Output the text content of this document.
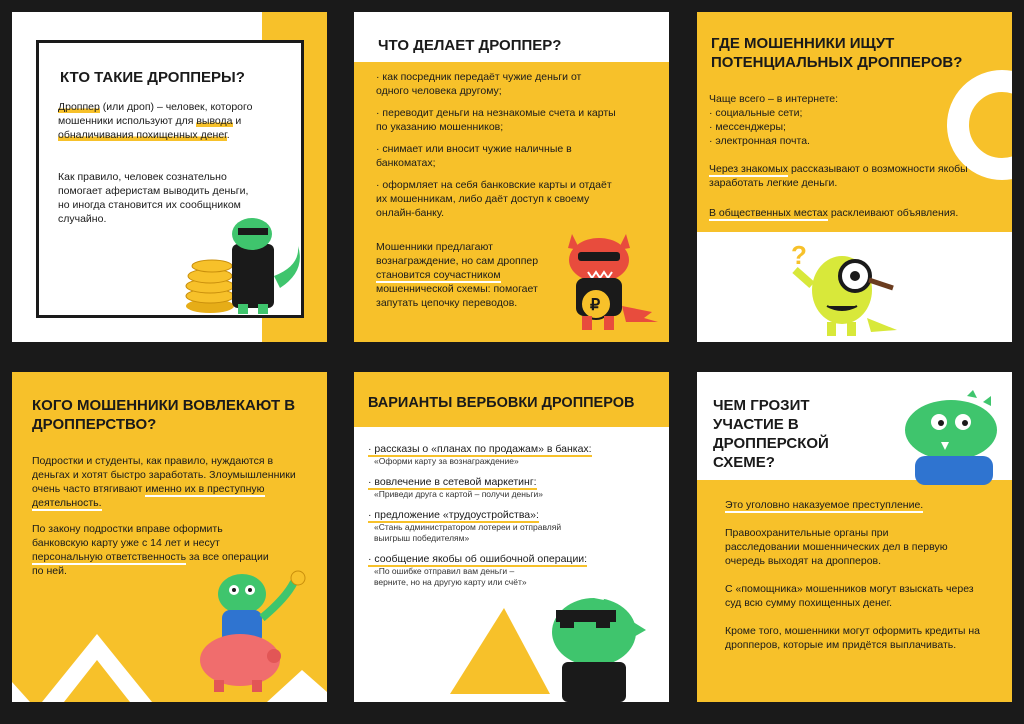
КТО ТАКИЕ ДРОППЕРЫ?
Дроппер (или дроп) – человек, которого мошенники используют для вывода и обналичивания похищенных денег.
Как правило, человек сознательно помогает аферистам выводить деньги, но иногда становится их сообщником случайно.
ЧТО ДЕЛАЕТ ДРОППЕР?
· как посредник передаёт чужие деньги от одного человека другому;
· переводит деньги на незнакомые счета и карты по указанию мошенников;
· снимает или вносит чужие наличные в банкоматах;
· оформляет на себя банковские карты и отдаёт их мошенникам, либо даёт доступ к своему онлайн-банку.
Мошенники предлагают вознаграждение, но сам дроппер становится соучастником мошеннической схемы: помогает запутать цепочку переводов.	₽
ГДЕ МОШЕННИКИ ИЩУТ ПОТЕНЦИАЛЬНЫХ ДРОППЕРОВ?
Чаще всего – в интернете:
· социальные сети;
· мессенджеры;
· электронная почта.
Через знакомых рассказывают о возможности якобы заработать легкие деньги.
В общественных местах расклеивают объявления.
?
КОГО МОШЕННИКИ ВОВЛЕКАЮТ В ДРОППЕРСТВО?
Подростки и студенты, как правило, нуждаются в деньгах и хотят быстро заработать. Злоумышленники очень часто втягивают именно их в преступную деятельность.
По закону подростки вправе оформить банковскую карту уже с 14 лет и несут персональную ответственность за все операции по ней.
ВАРИАНТЫ ВЕРБОВКИ ДРОППЕРОВ
· рассказы о «планах по продажам» в банках:
«Оформи карту за вознаграждение»
· вовлечение в сетевой маркетинг:
«Приведи друга с картой – получи деньги»
· предложение «трудоустройства»:
«Стань администратором лотереи и отправляй выигрыш победителям»
· сообщение якобы об ошибочной операции:
«По ошибке отправил вам деньги – верните, но на другую карту или счёт»
ЧЕМ ГРОЗИТ УЧАСТИЕ В ДРОППЕРСКОЙ СХЕМЕ?
Это уголовно наказуемое преступление.
Правоохранительные органы при расследовании мошеннических дел в первую очередь выходят на дропперов.
С «помощника» мошенников могут взыскать через суд всю сумму похищенных денег.
Кроме того, мошенники могут оформить кредиты на дропперов, которые им придётся выплачивать.
